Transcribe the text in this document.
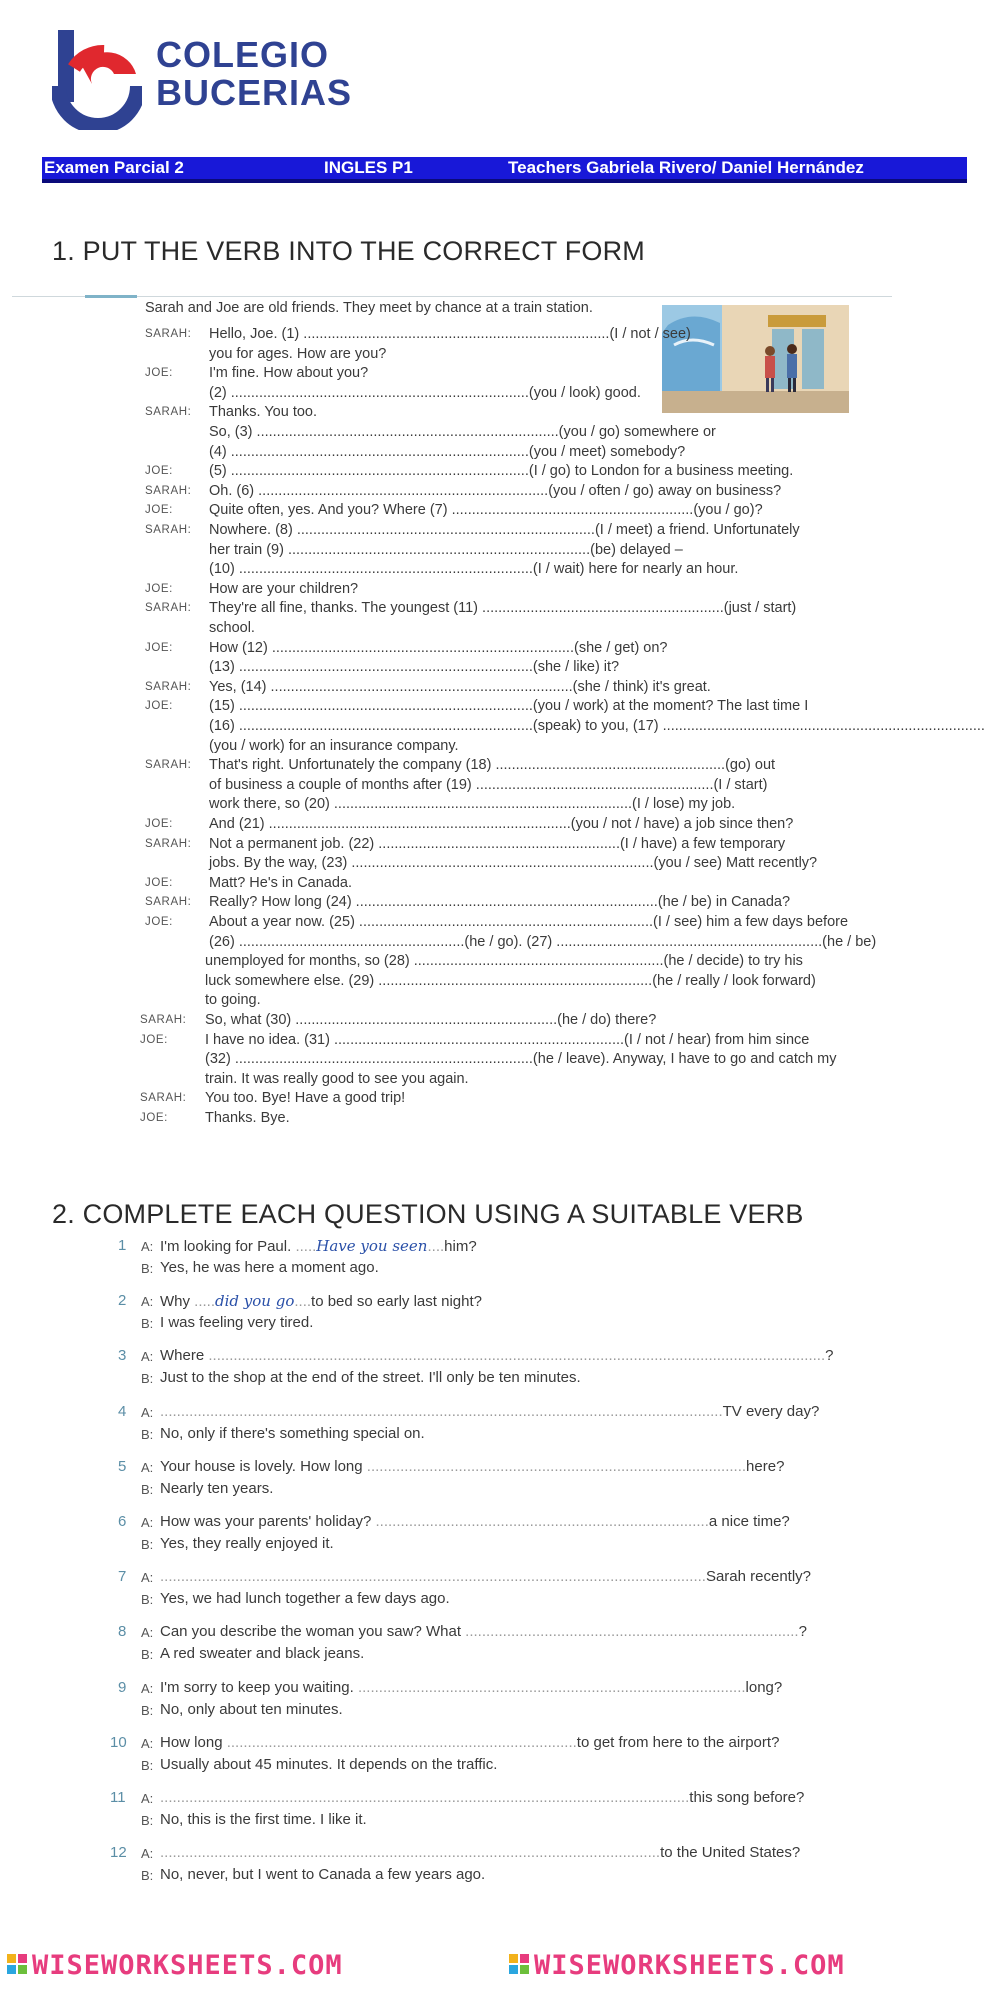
COLEGIO
BUCERIAS
Examen Parcial 2	INGLES P1	Teachers Gabriela Rivero/ Daniel Hernández
1. PUT THE VERB INTO THE CORRECT FORM
Sarah and Joe are old friends. They meet by chance at a train station.
SARAH: Hello, Joe. (1) ............................................................................(I / not / see)
you for ages. How are you?
JOE: I'm fine. How about you?
(2) ..........................................................................(you / look) good.
SARAH: Thanks. You too.
So, (3) ...........................................................................(you / go) somewhere or
(4) ..........................................................................(you / meet) somebody?
JOE: (5) ..........................................................................(I / go) to London for a business meeting.
SARAH: Oh. (6) ........................................................................(you / often / go) away on business?
JOE: Quite often, yes. And you? Where (7) ............................................................(you / go)?
SARAH: Nowhere. (8) ..........................................................................(I / meet) a friend. Unfortunately
her train (9) ...........................................................................(be) delayed –
(10) .........................................................................(I / wait) here for nearly an hour.
JOE: How are your children?
SARAH: They're all fine, thanks. The youngest (11) ............................................................(just / start)
school.
JOE: How (12) ...........................................................................(she / get) on?
(13) .........................................................................(she / like) it?
SARAH: Yes, (14) ...........................................................................(she / think) it's great.
JOE: (15) .........................................................................(you / work) at the moment? The last time I
(16) .........................................................................(speak) to you, (17) ................................................................................
(you / work) for an insurance company.
SARAH: That's right. Unfortunately the company (18) .........................................................(go) out
of business a couple of months after (19) ...........................................................(I / start)
work there, so (20) ..........................................................................(I / lose) my job.
JOE: And (21) ...........................................................................(you / not / have) a job since then?
SARAH: Not a permanent job. (22) ............................................................(I / have) a few temporary
jobs. By the way, (23) ...........................................................................(you / see) Matt recently?
JOE: Matt? He's in Canada.
SARAH: Really? How long (24) ...........................................................................(he / be) in Canada?
JOE: About a year now. (25) .........................................................................(I / see) him a few days before
(26) ........................................................(he / go). (27) ..................................................................(he / be)
unemployed for months, so (28) ..............................................................(he / decide) to try his
luck somewhere else. (29) ....................................................................(he / really / look forward)
to going.
SARAH: So, what (30) .................................................................(he / do) there?
JOE:	I have no idea. (31) ........................................................................(I / not / hear) from him since
(32) ..........................................................................(he / leave). Anyway, I have to go and catch my
train. It was really good to see you again.
SARAH: You too. Bye! Have a good trip!
JOE:	Thanks. Bye.
2. COMPLETE EACH QUESTION USING A SUITABLE VERB
1 A: I'm looking for Paul. .....Have you seen....him?
B: Yes, he was here a moment ago.
2 A: Why .....did you go....to bed so early last night?
B: I was feeling very tired.
3 A: Where ....................................................................................................................................................?
B: Just to the shop at the end of the street. I'll only be ten minutes.
4 A: .......................................................................................................................................TV every day?
B: No, only if there's something special on.
5 A: Your house is lovely. How long ...........................................................................................here?
B: Nearly ten years.
6 A: How was your parents' holiday? ................................................................................a nice time?
B: Yes, they really enjoyed it.
7 A: ...................................................................................................................................Sarah recently?
B: Yes, we had lunch together a few days ago.
8 A: Can you describe the woman you saw? What ................................................................................?
B: A red sweater and black jeans.
9 A: I'm sorry to keep you waiting. .............................................................................................long?
B: No, only about ten minutes.
10 A: How long ....................................................................................to get from here to the airport?
B: Usually about 45 minutes. It depends on the traffic.
11 A: ...............................................................................................................................this song before?
B: No, this is the first time. I like it.
12 A: ........................................................................................................................to the United States?
B: No, never, but I went to Canada a few years ago.
WISEWORKSHEETS.COM	WISEWORKSHEETS.COM
